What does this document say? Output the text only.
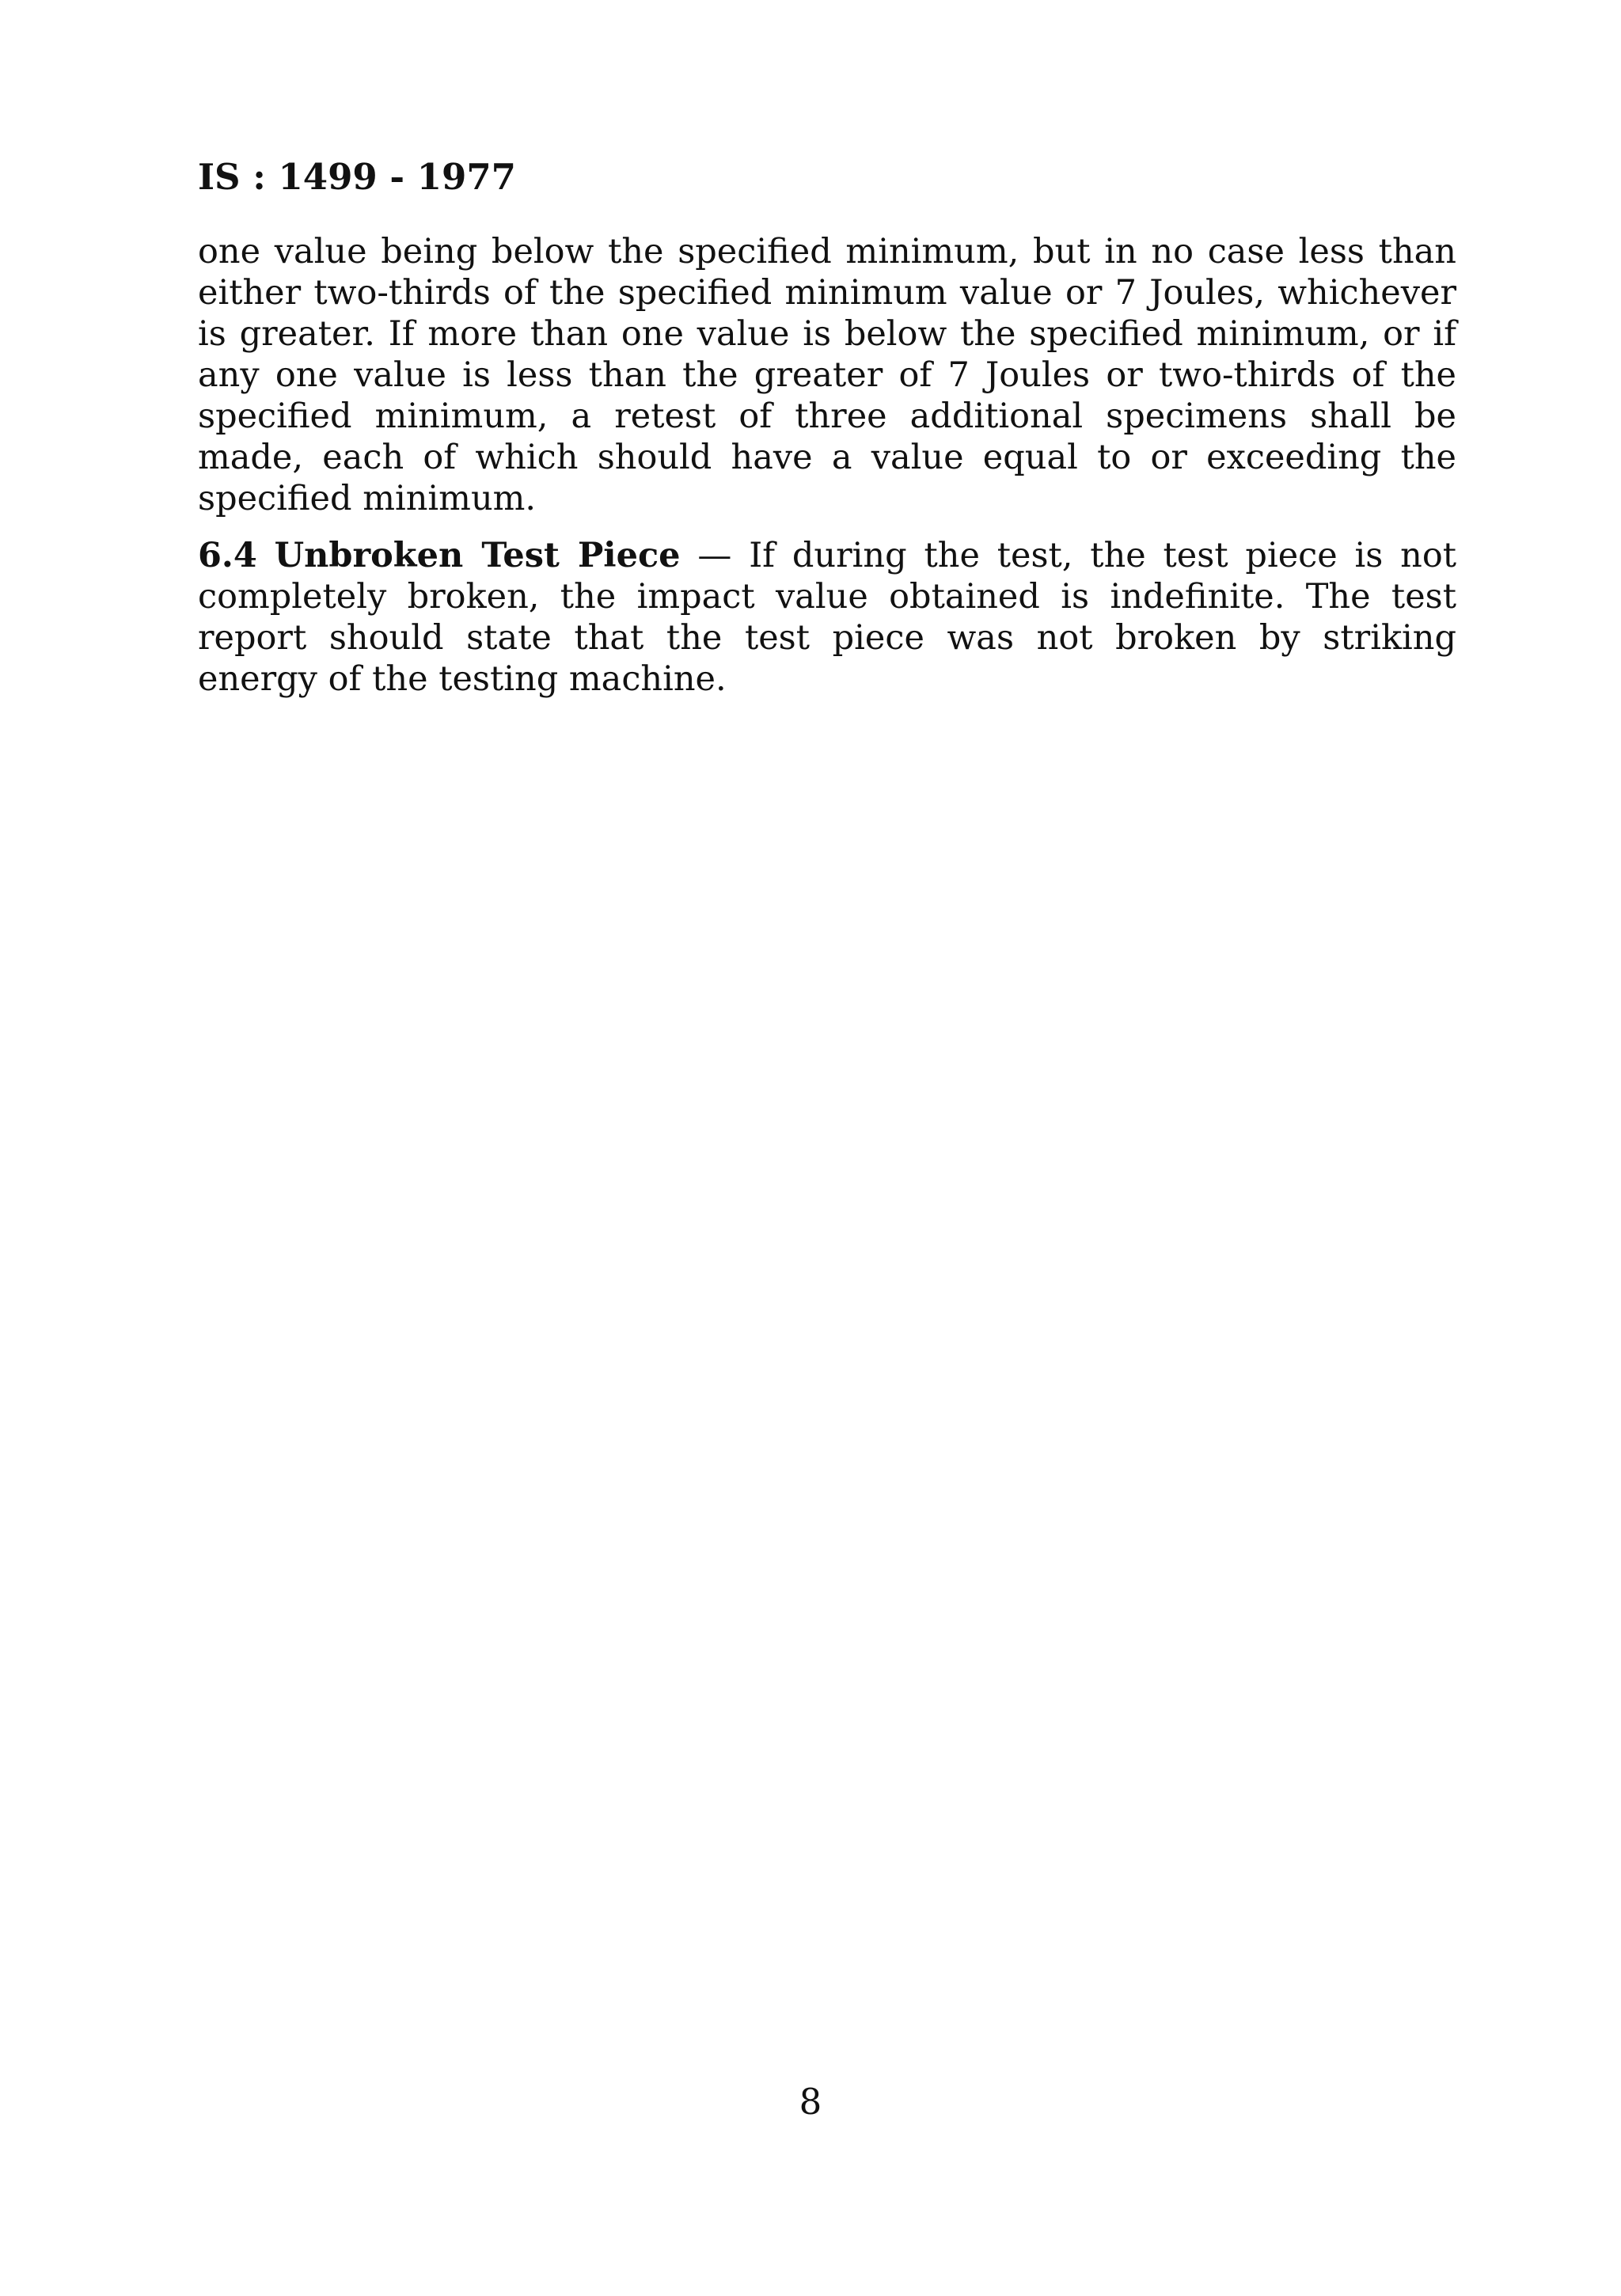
IS : 1499 - 1977

one value being below the specified minimum, but in no case less than either two-thirds of the specified minimum value or 7 Joules, whichever is greater. If more than one value is below the specified minimum, or if any one value is less than the greater of 7 Joules or two-thirds of the specified minimum, a retest of three additional specimens shall be made, each of which should have a value equal to or exceeding the specified minimum.

6.4 Unbroken Test Piece — If during the test, the test piece is not completely broken, the impact value obtained is indefinite. The test report should state that the test piece was not broken by striking energy of the testing machine.

8
